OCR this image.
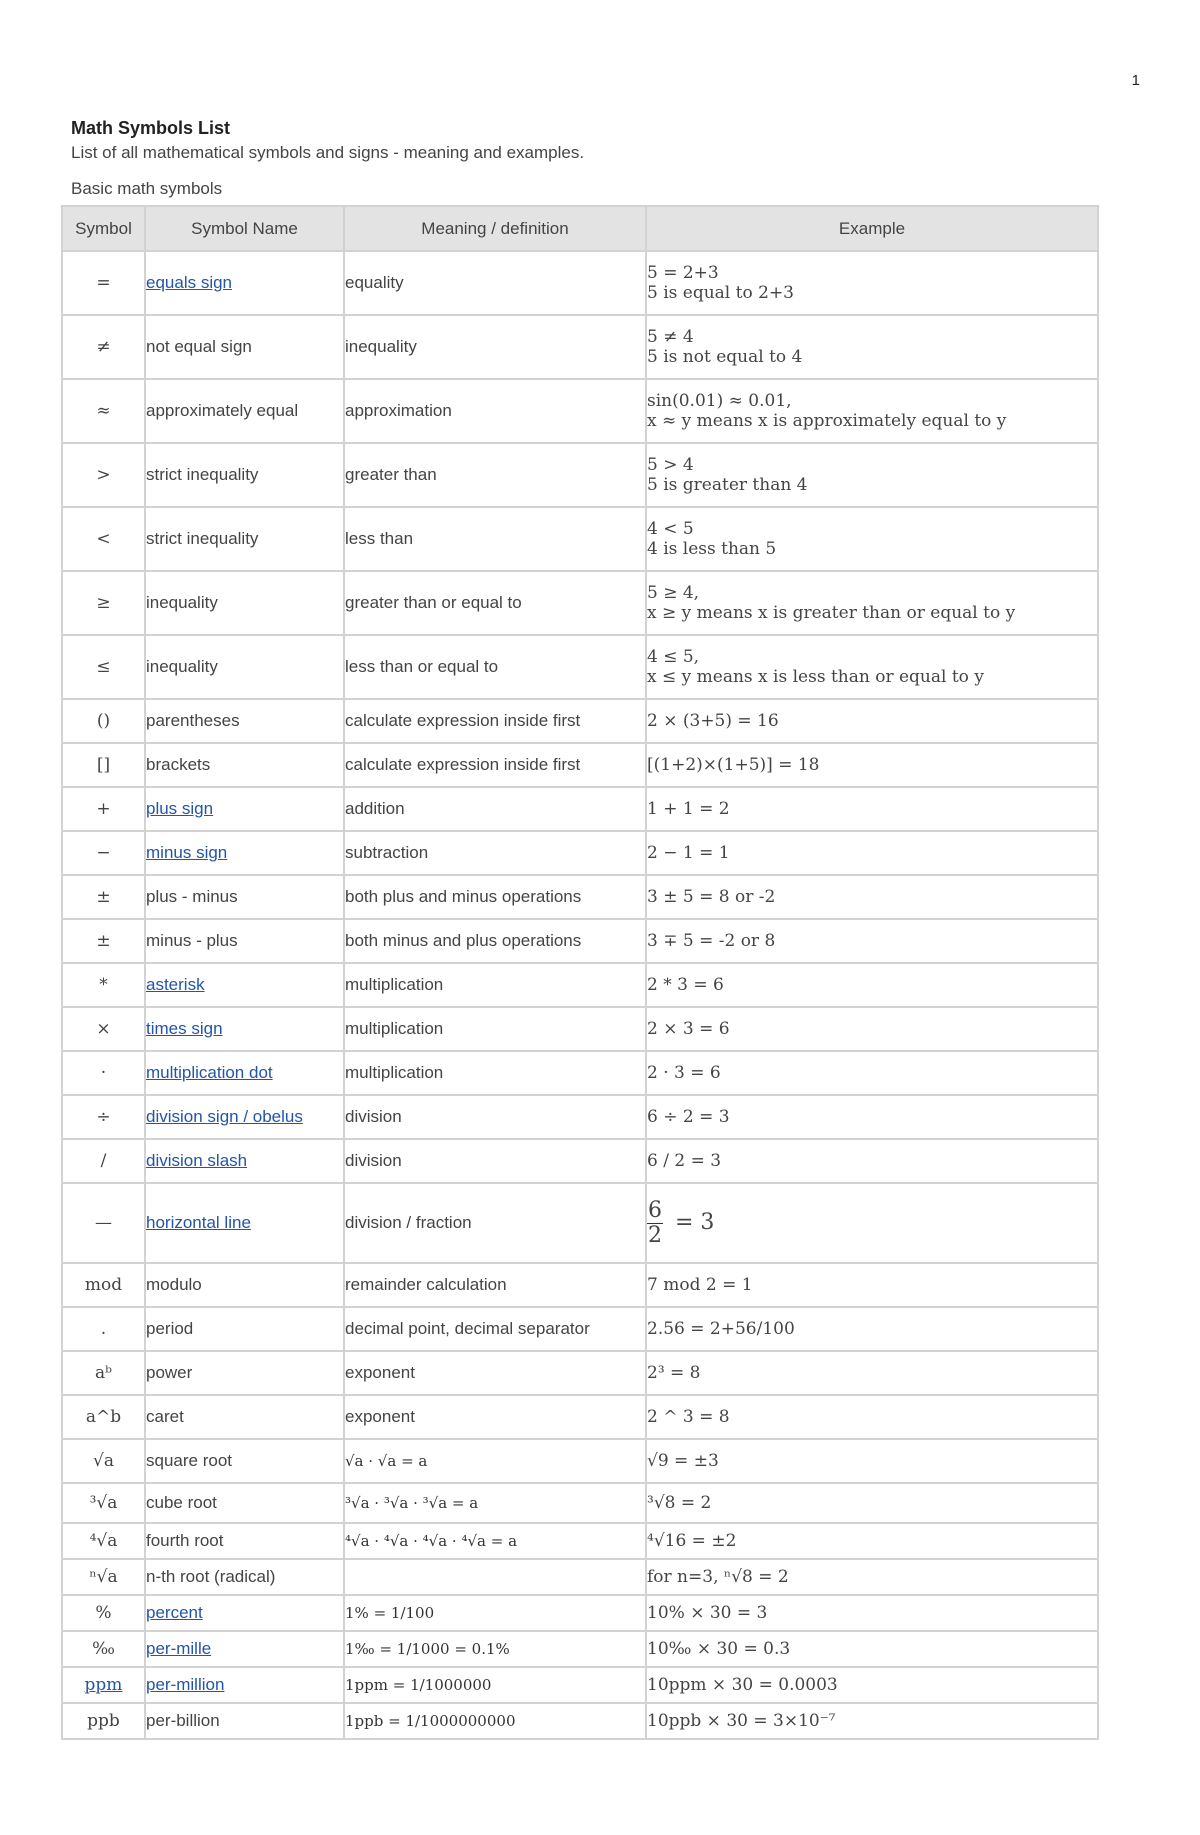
1
Math Symbols List
List of all mathematical symbols and signs - meaning and examples.
Basic math symbols
Symbol	Symbol Name	Meaning / definition	Example
=	equals sign	equality	5 = 2+3
5 is equal to 2+3

≠	not equal sign	inequality	5 ≠ 4
5 is not equal to 4

≈	approximately equal	approximation	sin(0.01) ≈ 0.01,
x ≈ y means x is approximately equal to y

>	strict inequality	greater than	5 > 4
5 is greater than 4

<	strict inequality	less than	4 < 5
4 is less than 5

≥	inequality	greater than or equal to	5 ≥ 4,
x ≥ y means x is greater than or equal to y

≤	inequality	less than or equal to	4 ≤ 5,
x ≤ y means x is less than or equal to y

()	parentheses	calculate expression inside first	2 × (3+5) = 16

[]	brackets	calculate expression inside first	[(1+2)×(1+5)] = 18

+	plus sign	addition	1 + 1 = 2

−	minus sign	subtraction	2 − 1 = 1

±	plus - minus	both plus and minus operations	3 ± 5 = 8 or -2

±	minus - plus	both minus and plus operations	3 ∓ 5 = -2 or 8

*	asterisk	multiplication	2 * 3 = 6

×	times sign	multiplication	2 × 3 = 6

·	multiplication dot	multiplication	2 · 3 = 6

÷	division sign / obelus	division	6 ÷ 2 = 3

/	division slash	division	6 / 2 = 3

—	horizontal line	division / fraction	$\frac{6}{2} = 3$
mod	modulo	remainder calculation	7 mod 2 = 1

.	period	decimal point, decimal separator	2.56 = 2+56/100

aᵇ	power	exponent	2³ = 8

a^b	caret	exponent	2 ^ 3 = 8

√a	square root	√a · √a = a	√9 = ±3

³√a	cube root	³√a · ³√a · ³√a = a	³√8 = 2

⁴√a	fourth root	⁴√a · ⁴√a · ⁴√a · ⁴√a = a	⁴√16 = ±2

ⁿ√a	n-th root (radical)		for n=3, ⁿ√8 = 2

%	percent	1% = 1/100	10% × 30 = 3

‰	per-mille	1‰ = 1/1000 = 0.1%	10‰ × 30 = 0.3

ppm	per-million	1ppm = 1/1000000	10ppm × 30 = 0.0003

ppb	per-billion	1ppb = 1/1000000000	10ppb × 30 = 3×10⁻⁷
